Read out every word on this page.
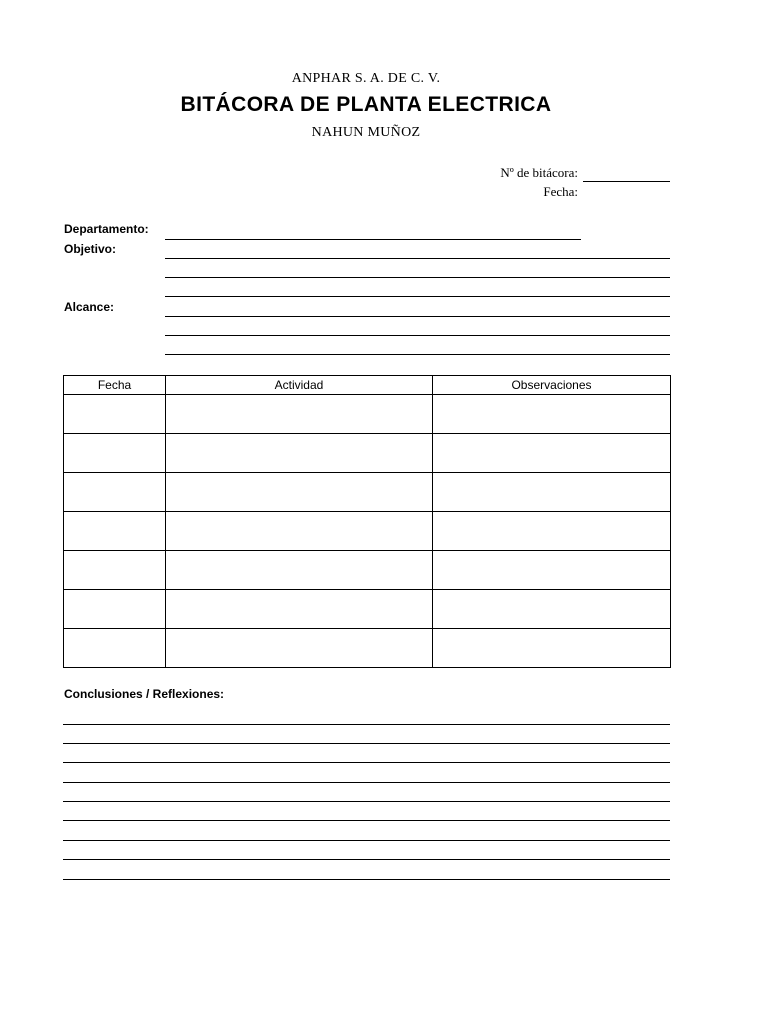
ANPHAR S. A. DE C. V.
BITÁCORA DE PLANTA ELECTRICA
NAHUN MUÑOZ
Nº de bitácora:
Fecha:
Departamento:
Objetivo:
Alcance:
Fecha	Actividad	Observaciones

Conclusiones / Reflexiones:
